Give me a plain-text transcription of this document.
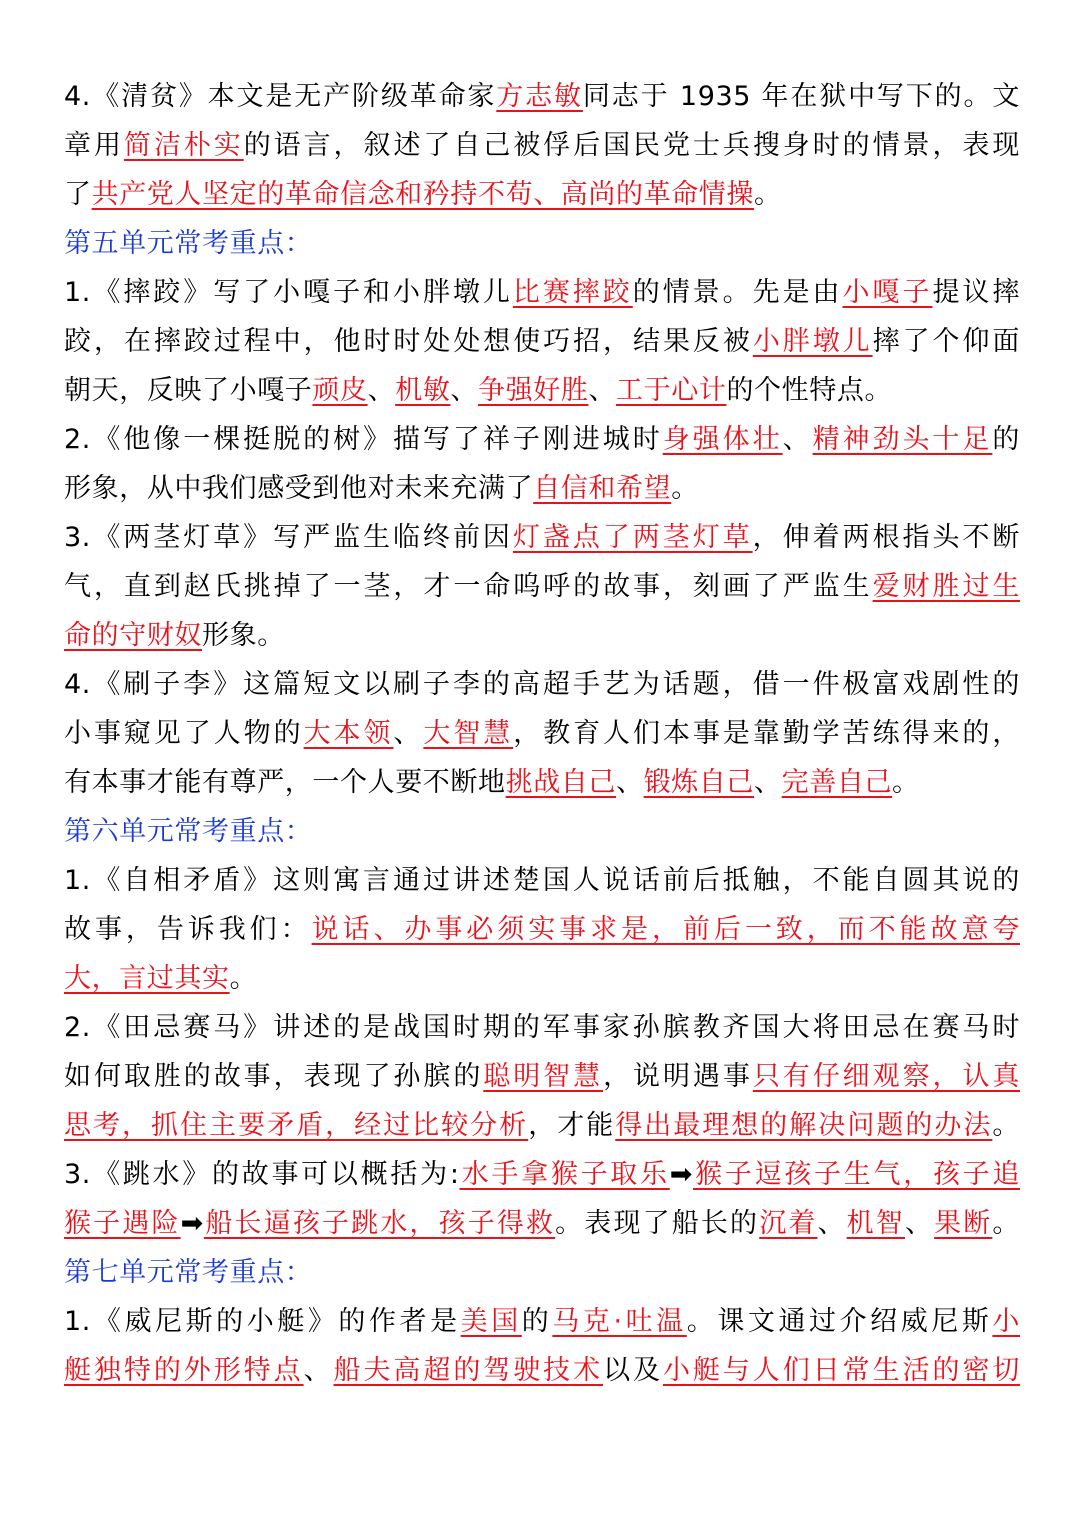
4.《清贫》本文是无产阶级革命家方志敏同志于 1935 年在狱中写下的。文
章用简洁朴实的语言，叙述了自己被俘后国民党士兵搜身时的情景，表现
了共产党人坚定的革命信念和矜持不苟、高尚的革命情操。
第五单元常考重点：
1.《摔跤》写了小嘎子和小胖墩儿比赛摔跤的情景。先是由小嘎子提议摔
跤，在摔跤过程中，他时时处处想使巧招，结果反被小胖墩儿摔了个仰面
朝天，反映了小嘎子顽皮、机敏、争强好胜、工于心计的个性特点。
2.《他像一棵挺脱的树》描写了祥子刚进城时身强体壮、精神劲头十足的
形象，从中我们感受到他对未来充满了自信和希望。
3.《两茎灯草》写严监生临终前因灯盏点了两茎灯草，伸着两根指头不断
气，直到赵氏挑掉了一茎，才一命呜呼的故事，刻画了严监生爱财胜过生
命的守财奴形象。
4.《刷子李》这篇短文以刷子李的高超手艺为话题，借一件极富戏剧性的
小事窥见了人物的大本领、大智慧，教育人们本事是靠勤学苦练得来的，
有本事才能有尊严，一个人要不断地挑战自己、锻炼自己、完善自己。
第六单元常考重点：
1.《自相矛盾》这则寓言通过讲述楚国人说话前后抵触，不能自圆其说的
故事，告诉我们：说话、办事必须实事求是，前后一致，而不能故意夸
大，言过其实。
2.《田忌赛马》讲述的是战国时期的军事家孙膑教齐国大将田忌在赛马时
如何取胜的故事，表现了孙膑的聪明智慧，说明遇事只有仔细观察，认真
思考，抓住主要矛盾，经过比较分析，才能得出最理想的解决问题的办法。
3.《跳水》的故事可以概括为:水手拿猴子取乐➡猴子逗孩子生气，孩子追
猴子遇险➡船长逼孩子跳水，孩子得救。表现了船长的沉着、机智、果断。
第七单元常考重点：
1.《威尼斯的小艇》的作者是美国的马克·吐温。课文通过介绍威尼斯小
艇独特的外形特点、船夫高超的驾驶技术以及小艇与人们日常生活的密切
